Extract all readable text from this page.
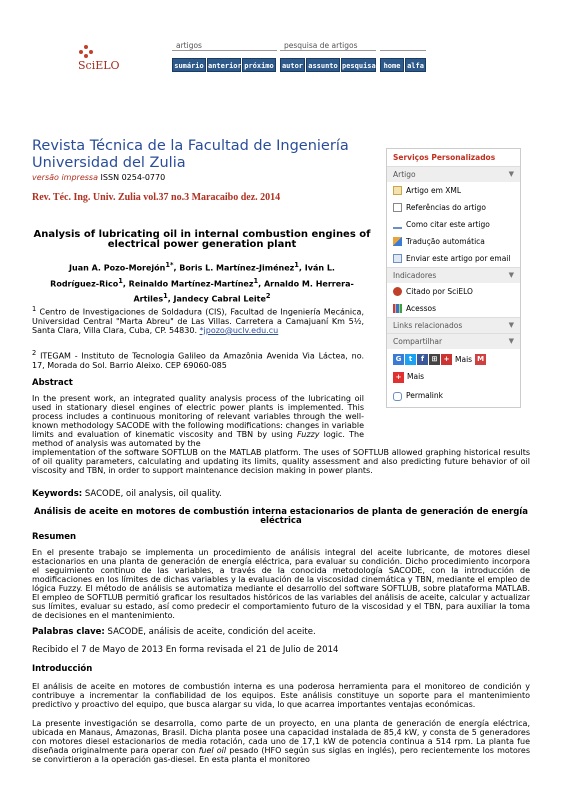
SciELO
artigos	pesquisa de artigos
sumário anterior próximo	autor assunto pesquisa	home alfa
Revista Técnica de la Facultad de Ingeniería Universidad del Zulia
versão impressa ISSN 0254-0770
Rev. Téc. Ing. Univ. Zulia vol.37 no.3 Maracaibo dez. 2014
Analysis of lubricating oil in internal combustion engines of electrical power generation plant
Juan A. Pozo-Morejón$^{1*}$, Boris L. Martínez-Jiménez$^1$, Iván L.
Rodríguez-Rico$^1$, Reinaldo Martínez-Martínez$^1$, Arnaldo M. Herrera-
Artiles$^1$, Jandecy Cabral Leite$^2$
$^1$ Centro de Investigaciones de Soldadura (CIS), Facultad de Ingeniería Mecánica, Universidad Central "Marta Abreu" de Las Villas. Carretera a Camajuaní Km 5½, Santa Clara, Villa Clara, Cuba, CP. 54830. *jpozo@uclv.edu.cu
$^2$ ITEGAM - Instituto de Tecnologia Galileo da Amazônia Avenida Via Láctea, no. 17, Morada do Sol. Barrio Aleixo. CEP 69060-085
Abstract
In the present work, an integrated quality analysis process of the lubricating oil used in stationary diesel engines of electric power plants is implemented. This process includes a continuous monitoring of relevant variables through the well-known methodology SACODE with the following modifications: changes in variable limits and evaluation of kinematic viscosity and TBN by using Fuzzy logic. The method of analysis was automated by the
implementation of the software SOFTLUB on the MATLAB platform. The uses of SOFTLUB allowed graphing historical results of oil quality parameters, calculating and updating its limits, quality assessment and also predicting future behavior of oil viscosity and TBN, in order to support maintenance decision making in power plants.
Keywords: SACODE, oil analysis, oil quality.
Análisis de aceite en motores de combustión interna estacionarios de planta de generación de energía eléctrica
Resumen
En el presente trabajo se implementa un procedimiento de análisis integral del aceite lubricante, de motores diesel estacionarios en una planta de generación de energía eléctrica, para evaluar su condición. Dicho procedimiento incorpora el seguimiento continuo de las variables, a través de la conocida metodología SACODE, con la introducción de modificaciones en los límites de dichas variables y la evaluación de la viscosidad cinemática y TBN, mediante el empleo de lógica Fuzzy. El método de análisis se automatiza mediante el desarrollo del software SOFTLUB, sobre plataforma MATLAB. El empleo de SOFTLUB permitió graficar los resultados históricos de las variables del análisis de aceite, calcular y actualizar sus límites, evaluar su estado, así como predecir el comportamiento futuro de la viscosidad y el TBN, para auxiliar la toma de decisiones en el mantenimiento.
Palabras clave: SACODE, análisis de aceite, condición del aceite.
Recibido el 7 de Mayo de 2013 En forma revisada el 21 de Julio de 2014
Introducción
El análisis de aceite en motores de combustión interna es una poderosa herramienta para el monitoreo de condición y contribuye a incrementar la confiabilidad de los equipos. Este análisis constituye un soporte para el mantenimiento predictivo y proactivo del equipo, que busca alargar su vida, lo que acarrea importantes ventajas económicas.
La presente investigación se desarrolla, como parte de un proyecto, en una planta de generación de energía eléctrica, ubicada en Manaus, Amazonas, Brasil. Dicha planta posee una capacidad instalada de 85,4 kW, y consta de 5 generadores con motores diesel estacionarios de media rotación, cada uno de 17,1 kW de potencia continua a 514 rpm. La planta fue diseñada originalmente para operar con fuel oil pesado (HFO según sus siglas en inglés), pero recientemente los motores se convirtieron a la operación gas-diesel. En esta planta el monitoreo
Serviços Personalizados
Artigo	▼
Artigo em XML
Referências do artigo
Como citar este artigo
Tradução automática
Enviar este artigo por email
Indicadores	▼
Citado por SciELO
Acessos
Links relacionados	▼
Compartilhar	▼
G	t	f	⊞ + Mais M
+ Mais
Permalink
